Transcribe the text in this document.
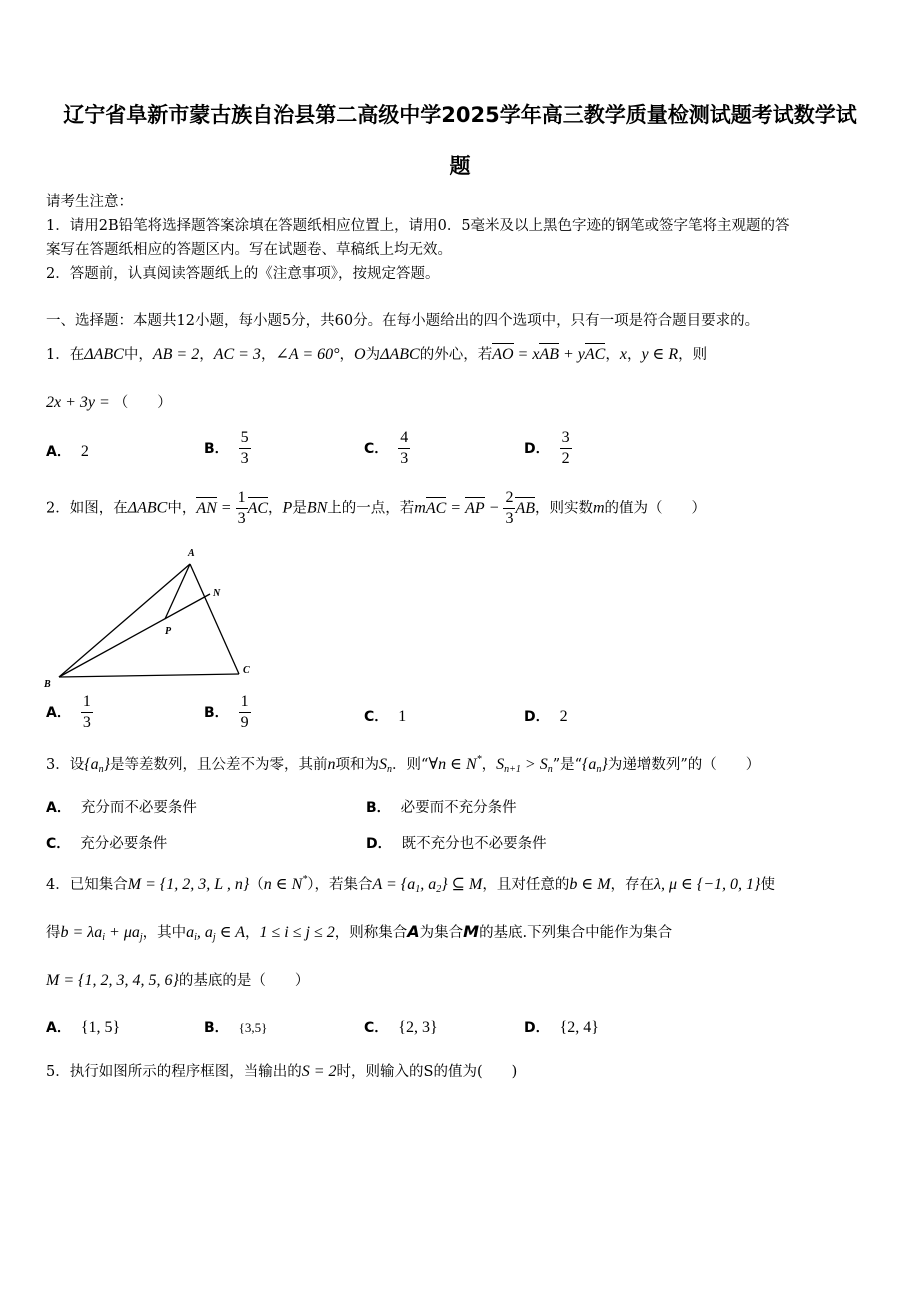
辽宁省阜新市蒙古族自治县第二高级中学2025学年高三教学质量检测试题考试数学试
题
请考生注意：
1．请用2B铅笔将选择题答案涂填在答题纸相应位置上，请用0．5毫米及以上黑色字迹的钢笔或签字笔将主观题的答
案写在答题纸相应的答题区内。写在试题卷、草稿纸上均无效。
2．答题前，认真阅读答题纸上的《注意事项》，按规定答题。
一、选择题：本题共12小题，每小题5分，共60分。在每小题给出的四个选项中，只有一项是符合题目要求的。
1．在ΔABC中，AB = 2，AC = 3，∠A = 60°，O为ΔABC的外心，若AO = xAB + yAC，x，y ∈ R，则
2x + 3y = （　　）
A． 2	B． $\frac{5}{3}$	C． $\frac{4}{3}$	D． $\frac{3}{2}$
2．如图，在ΔABC中，AN = $\frac{1}{3}$ AC，P是BN上的一点，若mAC = AP − $\frac{2}{3}$ AB，则实数m的值为（　　）
A
B
C
N
P
A． $\frac{1}{3}$	B． $\frac{1}{9}$	C． 1	D． 2
3．设$\{a_n\}$是等差数列，且公差不为零，其前n项和为$S_n$．则“∀n ∈ N*，$S_{n+1} > S_n$”是“$\{a_n\}$为递增数列”的（　　）
A． 充分而不必要条件	B． 必要而不充分条件
C． 充分必要条件	D． 既不充分也不必要条件
4．已知集合M = {1, 2, 3, L , n}（n ∈ N*），若集合$A = \{a_1$, $a_2$} ⊆ M，且对任意的b ∈ M，存在λ, μ ∈ {−1, 0, 1}使
得$b = \lambda a_i + \mu a_j$，其中$a_i$, $a_j$ ∈ A，1 ≤ i ≤ j ≤ 2，则称集合A为集合M的基底.下列集合中能作为集合
M = {1, 2, 3, 4, 5, 6}的基底的是（　　）
A． {1, 5}	B． {3,5}	C． {2, 3}	D． {2, 4}
5．执行如图所示的程序框图，当输出的S = 2时，则输入的S的值为(　　)
